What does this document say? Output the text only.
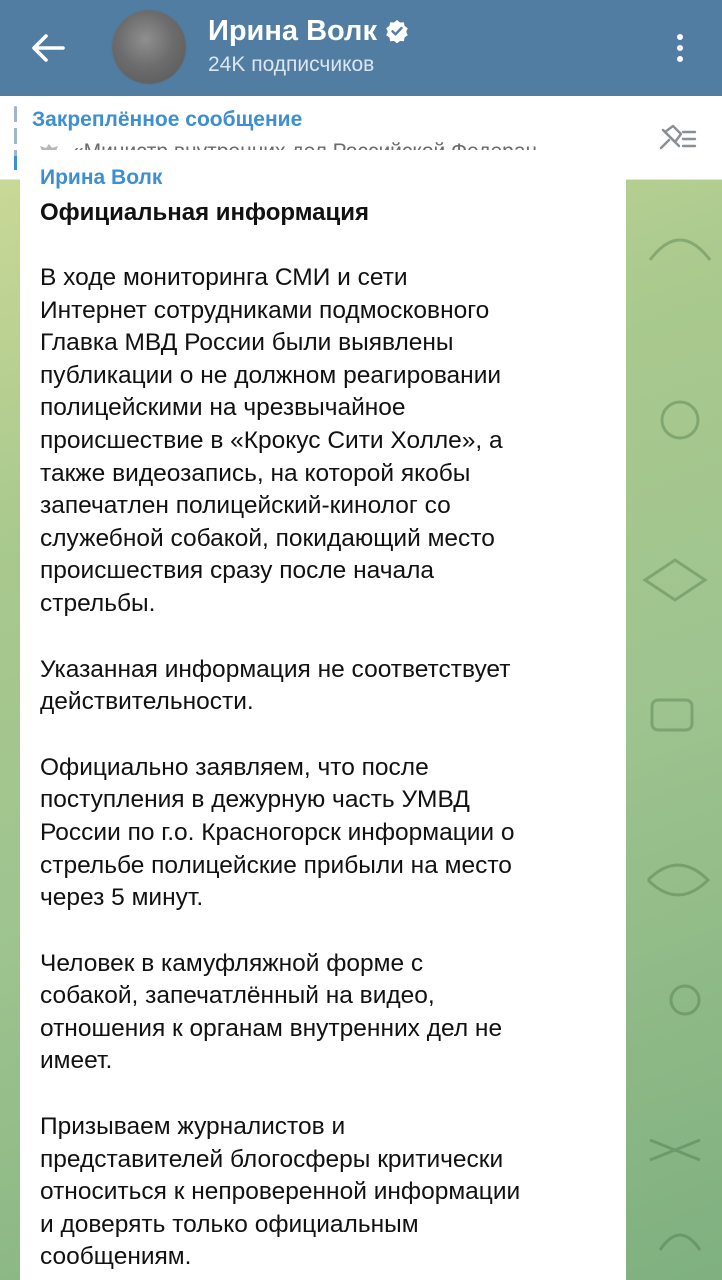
Ирина Волк
24K подписчиков
Закреплённое сообщение
Ирина Волк
Официальная информация
В ходе мониторинга СМИ и сети
Интернет сотрудниками подмосковного
Главка МВД России были выявлены
публикации о не должном реагировании
полицейскими на чрезвычайное
происшествие в «Крокус Сити Холле», а
также видеозапись, на которой якобы
запечатлен полицейский-кинолог со
служебной собакой, покидающий место
происшествия сразу после начала
стрельбы.
Указанная информация не соответствует
действительности.
Официально заявляем, что после
поступления в дежурную часть УМВД
России по г.о. Красногорск информации о
стрельбе полицейские прибыли на место
через 5 минут.
Человек в камуфляжной форме с
собакой, запечатлённый на видео,
отношения к органам внутренних дел не
имеет.
Призываем журналистов и
представителей блогосферы критически
относиться к непроверенной информации
и доверять только официальным
сообщениям.
